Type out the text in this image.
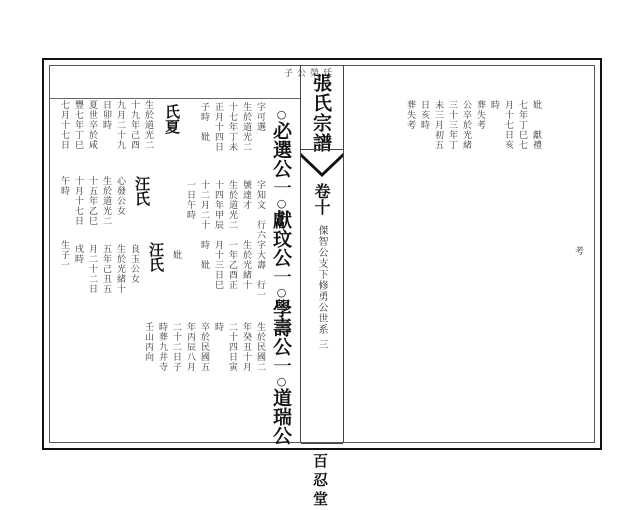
子公榮廷
○必選公一○獻玟公一○學壽公一○道瑞公
字可選
生於道光二
十七年丁未
正月十四日
子時　妣
字知文　行六
號達才
生於道光二
十四年甲辰
十二月二十
一日午時
字大壽　行一
生於光緒十
一年乙酉正
月十三日巳
時　妣
生於民國二
年癸丑十月
二十四日寅
時
卒於民國五
年丙辰八月
二十二日子
時葬九井寺
壬山丙向
汪氏 妣
良玉公女
生於光緒十
五年己丑五
月二十二日
戌時
汪氏
心發公女
生於道光二
十五年乙巳
十月十七日
午時
氏夏
生於道光二
十九年己酉
九月二十九
日卯時
夏世卒於咸
豐七年丁巳
七月十七日
生子一
張氏宗譜
卷十
傑智公支下修勇公世系 三
百忍堂
妣　　獻禮
七年丁巳七
月十七日亥
時
葬失考
公卒於光緒
三十三年丁
未三月初五
日亥時
葬失考
考
